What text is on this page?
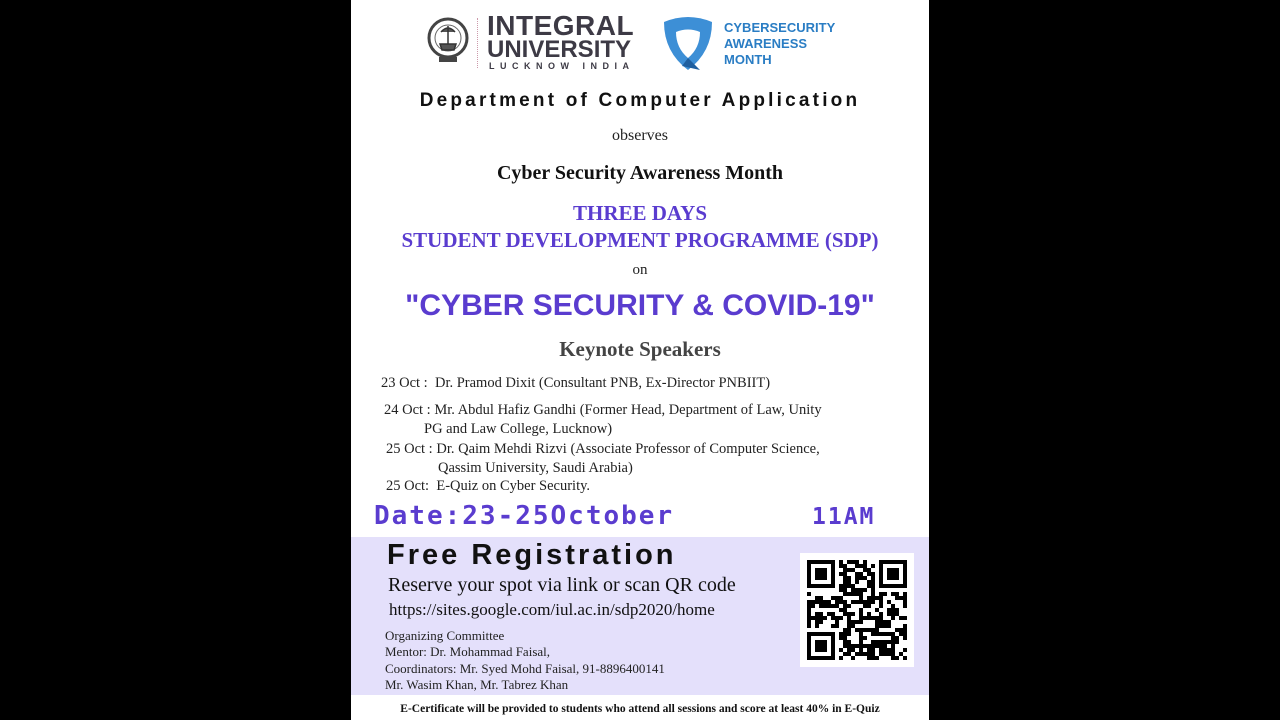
INTEGRAL
UNIVERSITY
LUCKNOW INDIA
CYBERSECURITY
AWARENESS
MONTH
Department of Computer Application
observes
Cyber Security Awareness Month
THREE DAYS
STUDENT DEVELOPMENT PROGRAMME (SDP)
on
"CYBER SECURITY & COVID-19"
Keynote Speakers
23 Oct : Dr. Pramod Dixit (Consultant PNB, Ex-Director PNBIIT)
24 Oct : Mr. Abdul Hafiz Gandhi (Former Head, Department of Law, Unity
PG and Law College, Lucknow)
25 Oct : Dr. Qaim Mehdi Rizvi (Associate Professor of Computer Science,
Qassim University, Saudi Arabia)
25 Oct: E-Quiz on Cyber Security.
Date:23-25October	11AM
Free Registration
Reserve your spot via link or scan QR code
https://sites.google.com/iul.ac.in/sdp2020/home
Organizing Committee
Mentor: Dr. Mohammad Faisal,
Coordinators: Mr. Syed Mohd Faisal, 91-8896400141
Mr. Wasim Khan, Mr. Tabrez Khan
E-Certificate will be provided to students who attend all sessions and score at least 40% in E-Quiz
